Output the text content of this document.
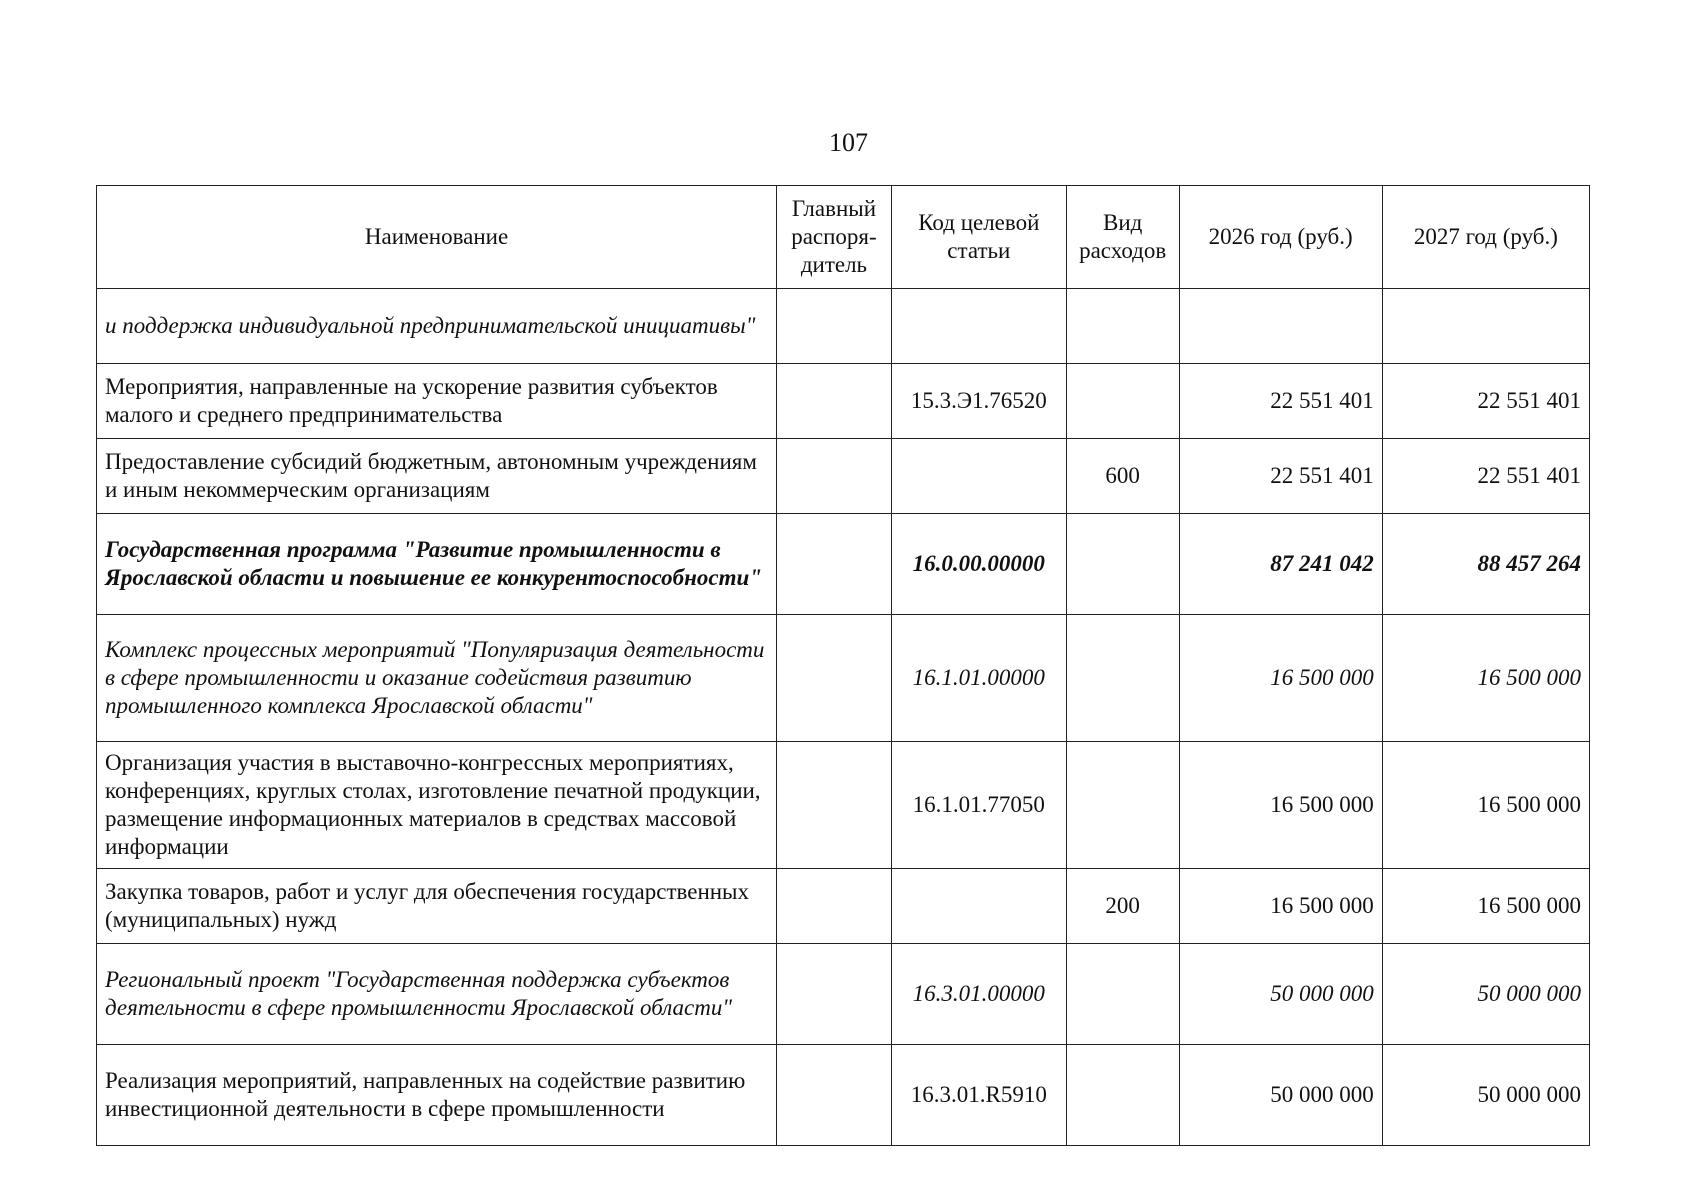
107
Наименование	Главный распоря-дитель	Код целевой статьи	Вид расходов	2026 год (руб.)	2027 год (руб.)
и поддержка индивидуальной предпринимательской инициативы"					
Мероприятия, направленные на ускорение развития субъектов малого и среднего предпринимательства		15.3.Э1.76520		22 551 401	22 551 401
Предоставление субсидий бюджетным, автономным учреждениям и иным некоммерческим организациям			600	22 551 401	22 551 401
Государственная программа "Развитие промышленности в Ярославской области и повышение ее конкурентоспособности"		16.0.00.00000		87 241 042	88 457 264
Комплекс процессных мероприятий "Популяризация деятельности в сфере промышленности и оказание содействия развитию промышленного комплекса Ярославской области"		16.1.01.00000		16 500 000	16 500 000
Организация участия в выставочно-конгрессных мероприятиях, конференциях, круглых столах, изготовление печатной продукции, размещение информационных материалов в средствах массовой информации		16.1.01.77050		16 500 000	16 500 000
Закупка товаров, работ и услуг для обеспечения государственных (муниципальных) нужд			200	16 500 000	16 500 000
Региональный проект "Государственная поддержка субъектов деятельности в сфере промышленности Ярославской области"		16.3.01.00000		50 000 000	50 000 000
Реализация мероприятий, направленных на содействие развитию инвестиционной деятельности в сфере промышленности		16.3.01.R5910		50 000 000	50 000 000
